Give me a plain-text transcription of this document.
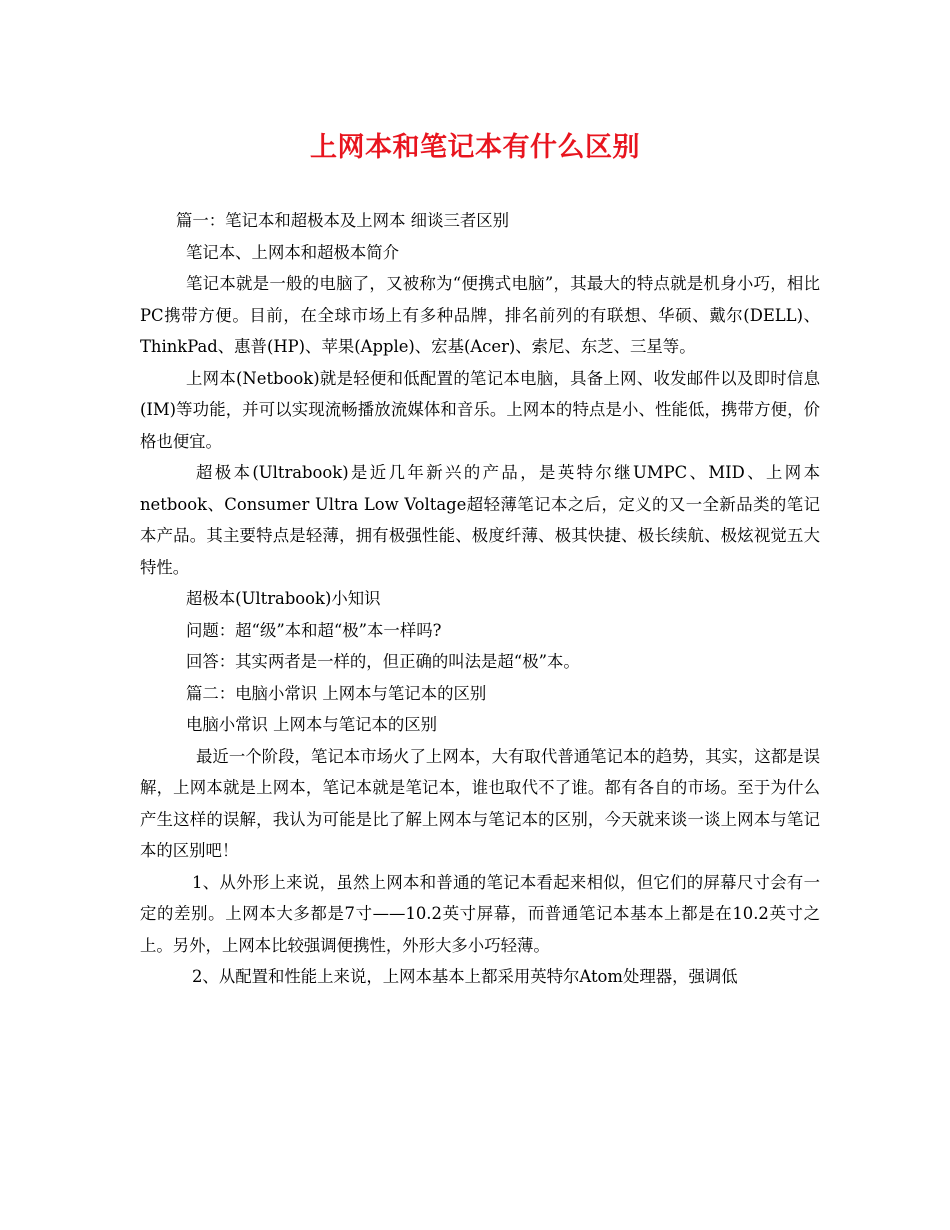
上网本和笔记本有什么区别

篇一：笔记本和超极本及上网本 细谈三者区别

笔记本、上网本和超极本简介

笔记本就是一般的电脑了，又被称为“便携式电脑”，其最大的特点就是机身小巧，相比PC携带方便。目前，在全球市场上有多种品牌，排名前列的有联想、华硕、戴尔(DELL)、ThinkPad、惠普(HP)、苹果(Apple)、宏基(Acer)、索尼、东芝、三星等。

上网本(Netbook)就是轻便和低配置的笔记本电脑，具备上网、收发邮件以及即时信息(IM)等功能，并可以实现流畅播放流媒体和音乐。上网本的特点是小、性能低，携带方便，价格也便宜。

超极本(Ultrabook)是近几年新兴的产品，是英特尔继UMPC、MID、上网本netbook、Consumer Ultra Low Voltage超轻薄笔记本之后，定义的又一全新品类的笔记本产品。其主要特点是轻薄，拥有极强性能、极度纤薄、极其快捷、极长续航、极炫视觉五大特性。

超极本(Ultrabook)小知识

问题：超“级”本和超“极”本一样吗?

回答：其实两者是一样的，但正确的叫法是超“极”本。

篇二：电脑小常识 上网本与笔记本的区别

电脑小常识 上网本与笔记本的区别

最近一个阶段，笔记本市场火了上网本，大有取代普通笔记本的趋势，其实，这都是误解，上网本就是上网本，笔记本就是笔记本，谁也取代不了谁。都有各自的市场。至于为什么产生这样的误解，我认为可能是比了解上网本与笔记本的区别，今天就来谈一谈上网本与笔记本的区别吧！

1、从外形上来说，虽然上网本和普通的笔记本看起来相似，但它们的屏幕尺寸会有一定的差别。上网本大多都是7寸——10.2英寸屏幕，而普通笔记本基本上都是在10.2英寸之上。另外，上网本比较强调便携性，外形大多小巧轻薄。

2、从配置和性能上来说，上网本基本上都采用英特尔Atom处理器，强调低
